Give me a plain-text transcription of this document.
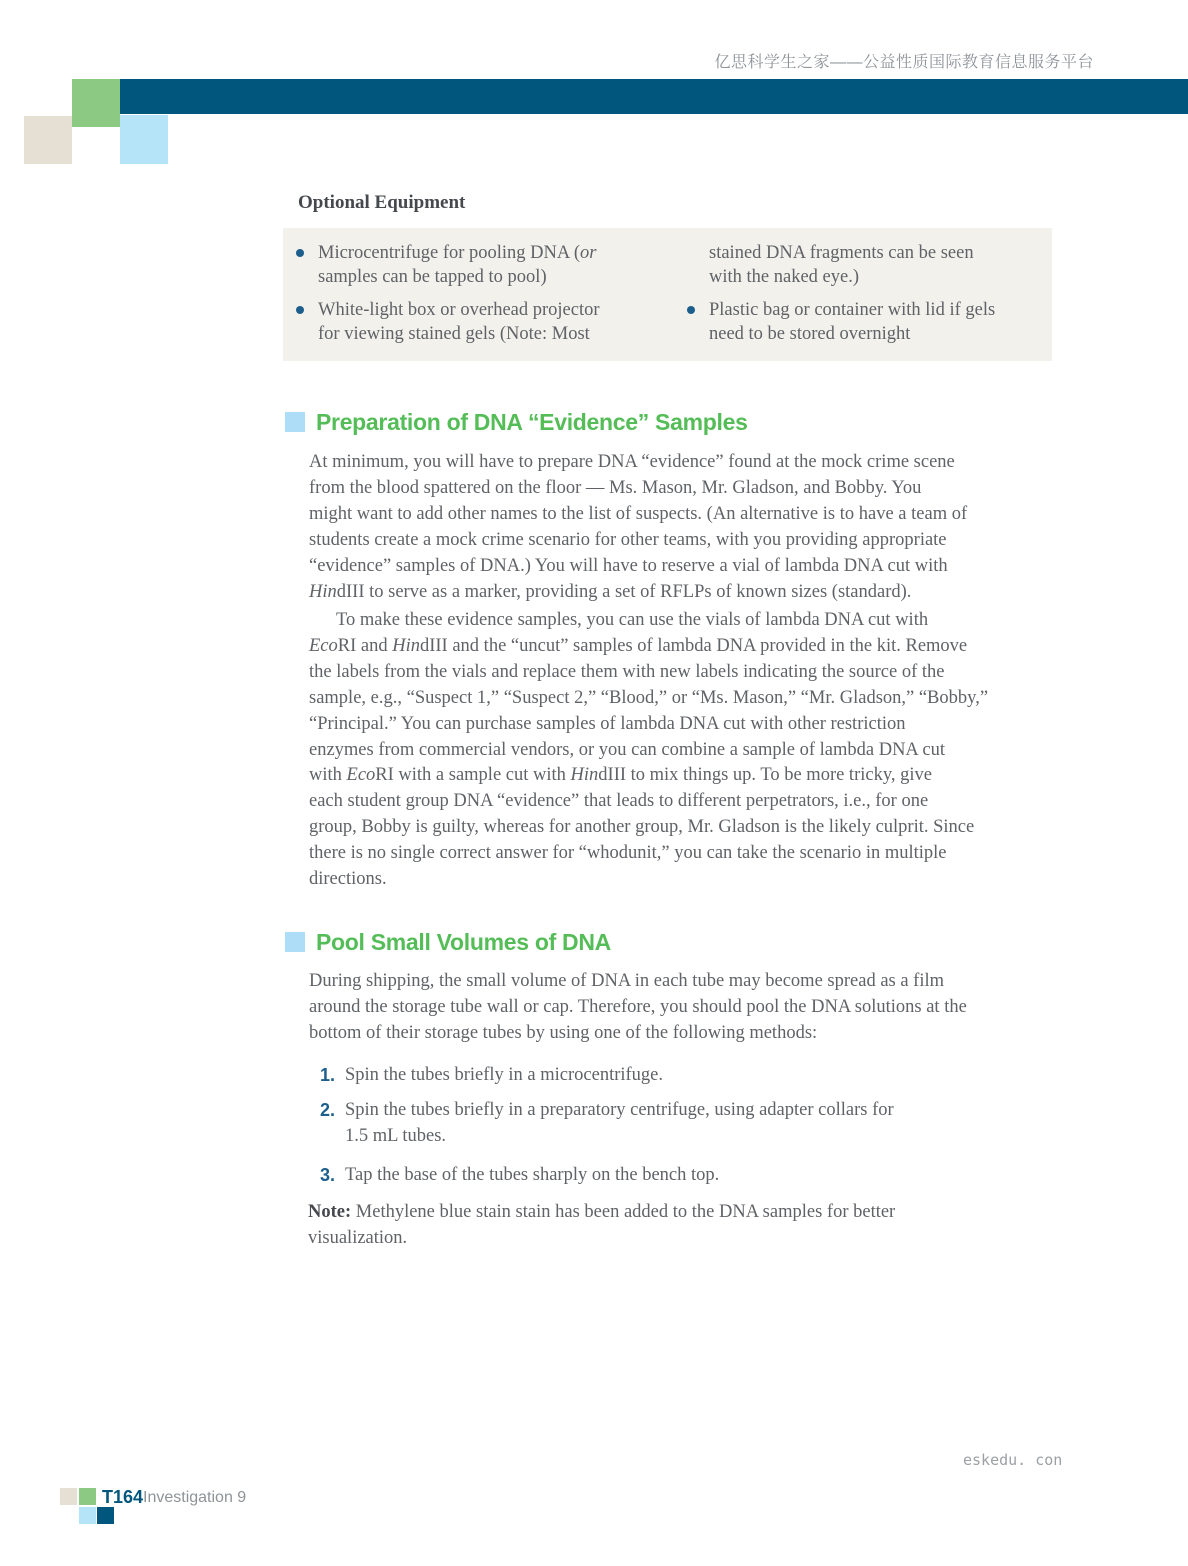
亿思科学生之家——公益性质国际教育信息服务平台
Optional Equipment
Microcentrifuge for pooling DNA (or
samples can be tapped to pool)
White-light box or overhead projector
for viewing stained gels (Note: Most
stained DNA fragments can be seen
with the naked eye.)
Plastic bag or container with lid if gels
need to be stored overnight
Preparation of DNA “Evidence” Samples
At minimum, you will have to prepare DNA “evidence” found at the mock crime scene
from the blood spattered on the floor — Ms. Mason, Mr. Gladson, and Bobby. You
might want to add other names to the list of suspects. (An alternative is to have a team of
students create a mock crime scenario for other teams, with you providing appropriate
“evidence” samples of DNA.) You will have to reserve a vial of lambda DNA cut with
HindIII to serve as a marker, providing a set of RFLPs of known sizes (standard).
To make these evidence samples, you can use the vials of lambda DNA cut with
EcoRI and HindIII and the “uncut” samples of lambda DNA provided in the kit. Remove
the labels from the vials and replace them with new labels indicating the source of the
sample, e.g., “Suspect 1,” “Suspect 2,” “Blood,” or “Ms. Mason,” “Mr. Gladson,” “Bobby,”
“Principal.” You can purchase samples of lambda DNA cut with other restriction
enzymes from commercial vendors, or you can combine a sample of lambda DNA cut
with EcoRI with a sample cut with HindIII to mix things up. To be more tricky, give
each student group DNA “evidence” that leads to different perpetrators, i.e., for one
group, Bobby is guilty, whereas for another group, Mr. Gladson is the likely culprit. Since
there is no single correct answer for “whodunit,” you can take the scenario in multiple
directions.
Pool Small Volumes of DNA
During shipping, the small volume of DNA in each tube may become spread as a film
around the storage tube wall or cap. Therefore, you should pool the DNA solutions at the
bottom of their storage tubes by using one of the following methods:
1. Spin the tubes briefly in a microcentrifuge.
2. Spin the tubes briefly in a preparatory centrifuge, using adapter collars for
1.5 mL tubes.
3. Tap the base of the tubes sharply on the bench top.
Note: Methylene blue stain stain has been added to the DNA samples for better
visualization.
eskedu. con
T164 Investigation 9
